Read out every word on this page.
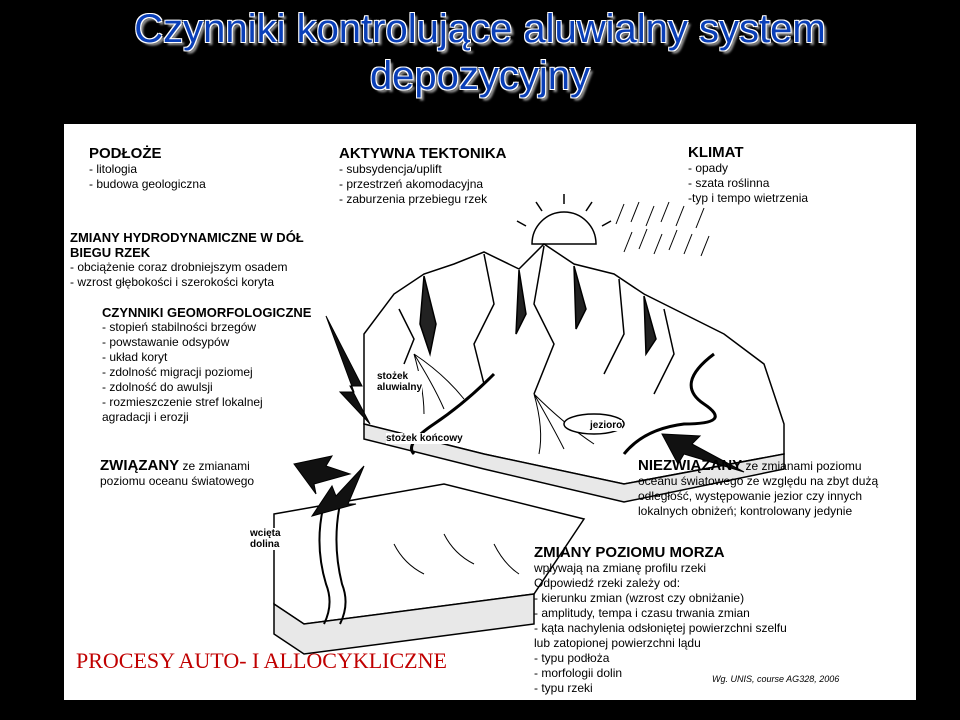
Czynniki kontrolujące aluwialny system
depozycyjny
PODŁOŻE
- litologia
- budowa geologiczna
AKTYWNA TEKTONIKA
- subsydencja/uplift
- przestrzeń akomodacyjna
- zaburzenia przebiegu rzek
KLIMAT
- opady
- szata roślinna
-typ i tempo wietrzenia
ZMIANY HYDRODYNAMICZNE W DÓŁ
BIEGU RZEK
- obciążenie coraz drobniejszym osadem
- wzrost głębokości i szerokości koryta
CZYNNIKI GEOMORFOLOGICZNE
- stopień stabilności brzegów
- powstawanie odsypów
- układ koryt
- zdolność migracji poziomej
- zdolność do awulsji
- rozmieszczenie stref lokalnej
agradacji i erozji
ZWIĄZANY ze zmianami
poziomu oceanu światowego
NIEZWIĄZANY ze zmianami poziomu
oceanu światowego ze względu na zbyt dużą
odległość, występowanie jezior czy innych
lokalnych obniżeń; kontrolowany jedynie
ZMIANY POZIOMU MORZA
wpływają na zmianę profilu rzeki
Odpowiedź rzeki zależy od:
- kierunku zmian (wzrost czy obniżanie)
- amplitudy, tempa i czasu trwania zmian
- kąta nachylenia odsłoniętej powierzchni szelfu
lub zatopionej powierzchni lądu
- typu podłoża
- morfologii dolin
- typu rzeki
stożek
aluwialny
stożek końcowy
jezioro
wcięta
dolina
PROCESY AUTO- I ALLOCYKLICZNE
Wg. UNIS, course AG328, 2006
